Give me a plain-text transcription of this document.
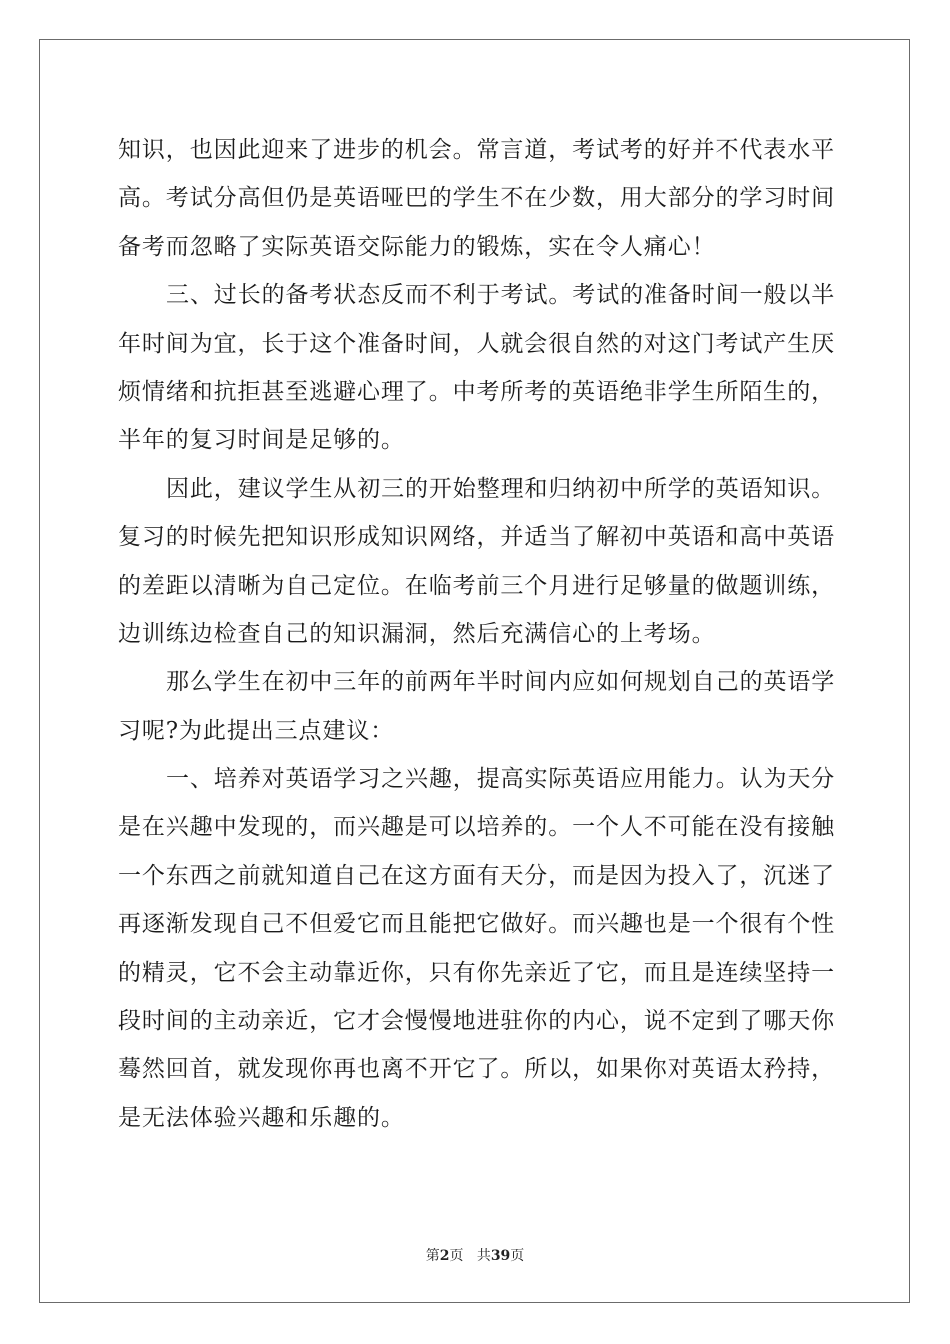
知识，也因此迎来了进步的机会。常言道，考试考的好并不代表水平
高。考试分高但仍是英语哑巴的学生不在少数，用大部分的学习时间
备考而忽略了实际英语交际能力的锻炼，实在令人痛心！

三、过长的备考状态反而不利于考试。考试的准备时间一般以半
年时间为宜，长于这个准备时间，人就会很自然的对这门考试产生厌
烦情绪和抗拒甚至逃避心理了。中考所考的英语绝非学生所陌生的，
半年的复习时间是足够的。

因此，建议学生从初三的开始整理和归纳初中所学的英语知识。
复习的时候先把知识形成知识网络，并适当了解初中英语和高中英语
的差距以清晰为自己定位。在临考前三个月进行足够量的做题训练，
边训练边检查自己的知识漏洞，然后充满信心的上考场。

那么学生在初中三年的前两年半时间内应如何规划自己的英语学
习呢?为此提出三点建议：

一、培养对英语学习之兴趣，提高实际英语应用能力。认为天分
是在兴趣中发现的，而兴趣是可以培养的。一个人不可能在没有接触
一个东西之前就知道自己在这方面有天分，而是因为投入了，沉迷了
再逐渐发现自己不但爱它而且能把它做好。而兴趣也是一个很有个性
的精灵，它不会主动靠近你，只有你先亲近了它，而且是连续坚持一
段时间的主动亲近，它才会慢慢地进驻你的内心，说不定到了哪天你
蓦然回首，就发现你再也离不开它了。所以，如果你对英语太矜持，
是无法体验兴趣和乐趣的。

第2页 共39页
